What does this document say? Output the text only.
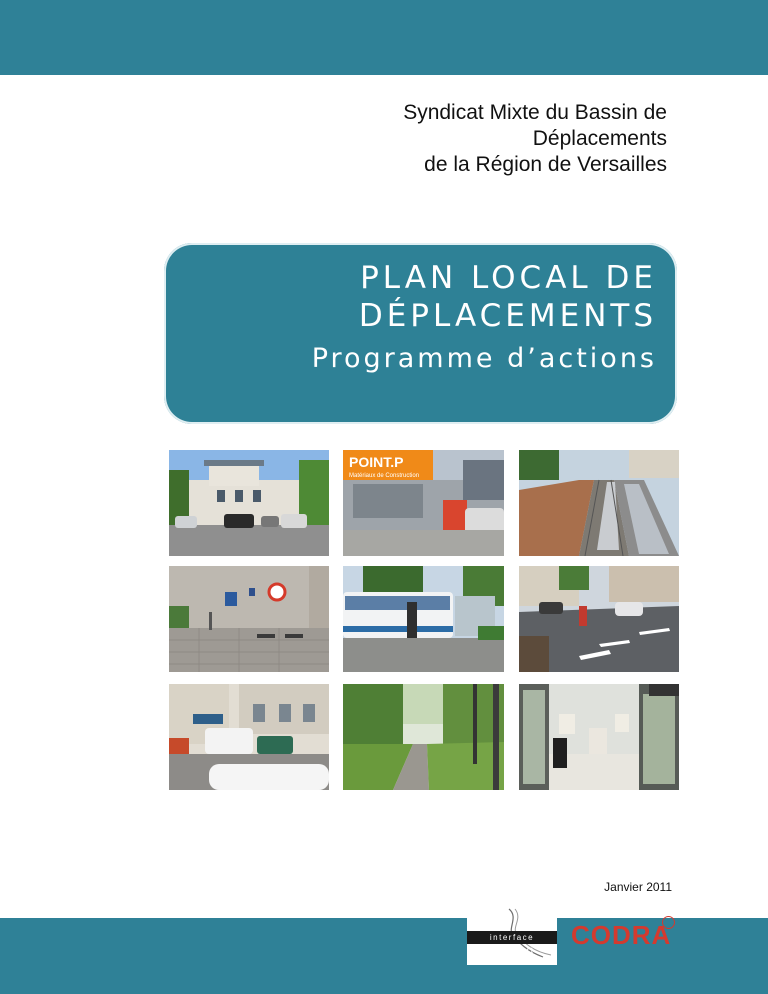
Syndicat Mixte du Bassin de
Déplacements
de la Région de Versailles
PLAN LOCAL DE
DÉPLACEMENTS
Programme d’actions
POINT.P
Matériaux de Construction
Janvier 2011
interface transport
CODRA
